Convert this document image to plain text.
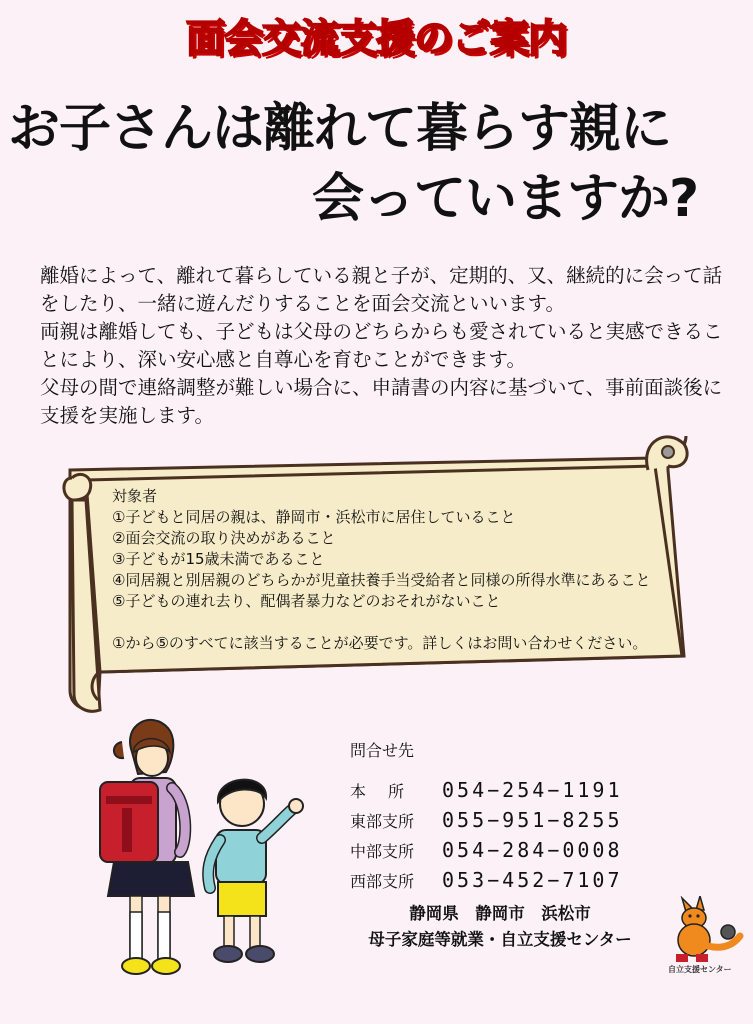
面会交流支援のご案内
お子さんは離れて暮らす親に
会っていますか?

離婚によって、離れて暮らしている親と子が、定期的、又、継続的に会って話をしたり、一緒に遊んだりすることを面会交流といいます。

両親は離婚しても、子どもは父母のどちらからも愛されていると実感できることにより、深い安心感と自尊心を育むことができます。

父母の間で連絡調整が難しい場合に、申請書の内容に基づいて、事前面談後に支援を実施します。

対象者
①子どもと同居の親は、静岡市・浜松市に居住していること
②面会交流の取り決めがあること
③子どもが15歳未満であること
④同居親と別居親のどちらかが児童扶養手当受給者と同様の所得水準にあること
⑤子どもの連れ去り、配偶者暴力などのおそれがないこと
①から⑤のすべてに該当することが必要です。詳しくはお問い合わせください。
問合せ先
本所 054−254−1191
東部支所	055−951−8255
中部支所	054−284−0008
西部支所	053−452−7107
静岡県　静岡市　浜松市
母子家庭等就業・自立支援センター
自立支援センター
